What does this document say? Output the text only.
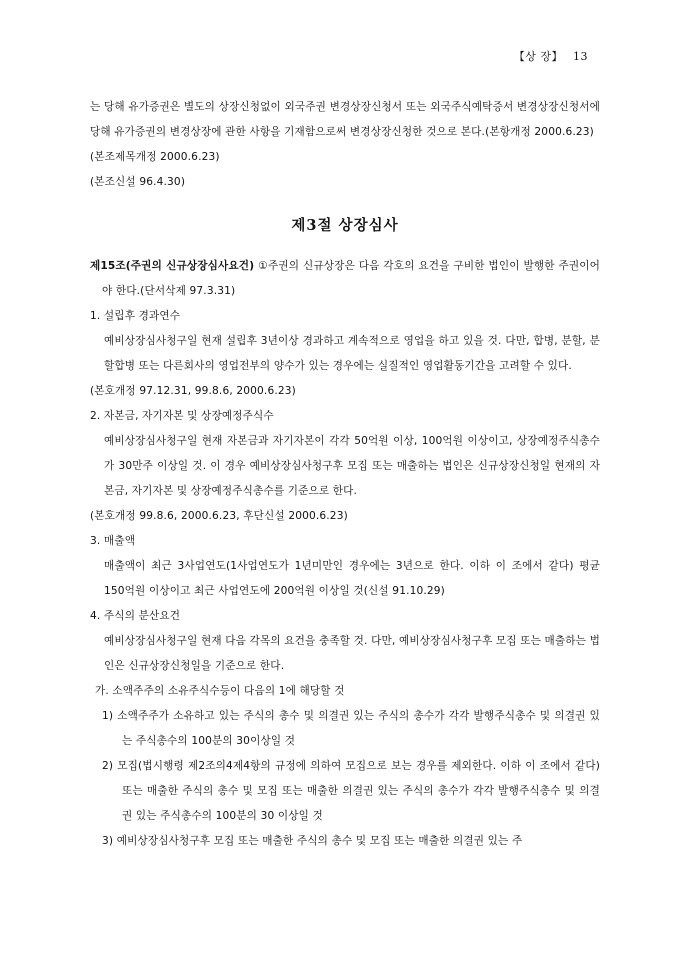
【상 장】 13

는 당해 유가증권은 별도의 상장신청없이 외국주권 변경상장신청서 또는 외국주식예탁증서 변경상장신청서에 당해 유가증권의 변경상장에 관한 사항을 기재함으로써 변경상장신청한 것으로 본다.(본항개정 2000.6.23)

(본조제목개정 2000.6.23)

(본조신설 96.4.30)

제3절 상장심사

제15조(주권의 신규상장심사요건) ①주권의 신규상장은 다음 각호의 요건을 구비한 법인이 발행한 주권이어야 한다.(단서삭제 97.3.31)

1. 설립후 경과연수

예비상장심사청구일 현재 설립후 3년이상 경과하고 계속적으로 영업을 하고 있을 것. 다만, 합병, 분할, 분할합병 또는 다른회사의 영업전부의 양수가 있는 경우에는 실질적인 영업활동기간을 고려할 수 있다.

(본호개정 97.12.31, 99.8.6, 2000.6.23)

2. 자본금, 자기자본 및 상장예정주식수

예비상장심사청구일 현재 자본금과 자기자본이 각각 50억원 이상, 100억원 이상이고, 상장예정주식총수가 30만주 이상일 것. 이 경우 예비상장심사청구후 모집 또는 매출하는 법인은 신규상장신청일 현재의 자본금, 자기자본 및 상장예정주식총수를 기준으로 한다.

(본호개정 99.8.6, 2000.6.23, 후단신설 2000.6.23)

3. 매출액

매출액이 최근 3사업연도(1사업연도가 1년미만인 경우에는 3년으로 한다. 이하 이 조에서 같다) 평균 150억원 이상이고 최근 사업연도에 200억원 이상일 것(신설 91.10.29)

4. 주식의 분산요건

예비상장심사청구일 현재 다음 각목의 요건을 충족할 것. 다만, 예비상장심사청구후 모집 또는 매출하는 법인은 신규상장신청일을 기준으로 한다.

가. 소액주주의 소유주식수등이 다음의 1에 해당할 것

1) 소액주주가 소유하고 있는 주식의 총수 및 의결권 있는 주식의 총수가 각각 발행주식총수 및 의결권 있는 주식총수의 100분의 30이상일 것

2) 모집(법시행령 제2조의4제4항의 규정에 의하여 모집으로 보는 경우를 제외한다. 이하 이 조에서 같다) 또는 매출한 주식의 총수 및 모집 또는 매출한 의결권 있는 주식의 총수가 각각 발행주식총수 및 의결권 있는 주식총수의 100분의 30 이상일 것

3) 예비상장심사청구후 모집 또는 매출한 주식의 총수 및 모집 또는 매출한 의결권 있는 주
